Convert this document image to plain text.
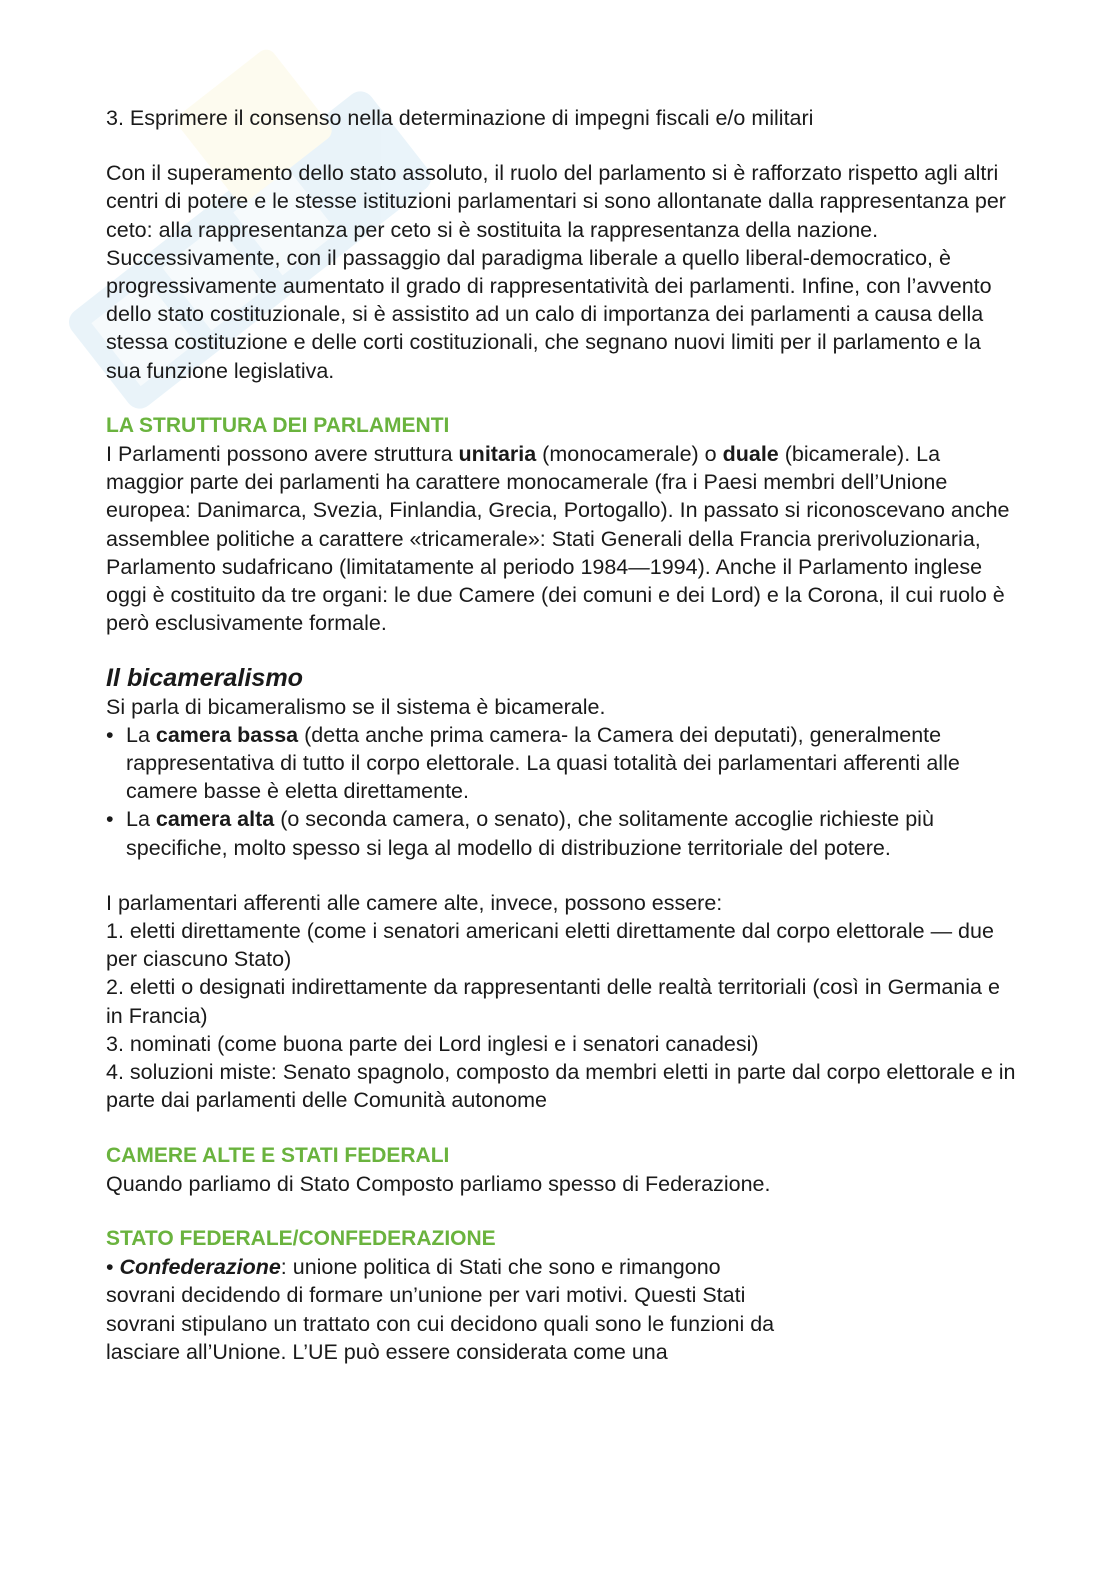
3. Esprimere il consenso nella determinazione di impegni fiscali e/o militari

Con il superamento dello stato assoluto, il ruolo del parlamento si è rafforzato rispetto agli altri centri di potere e le stesse istituzioni parlamentari si sono allontanate dalla rappresentanza per ceto: alla rappresentanza per ceto si è sostituita la rappresentanza della nazione. Successivamente, con il passaggio dal paradigma liberale a quello liberal-democratico, è progressivamente aumentato il grado di rappresentatività dei parlamenti. Infine, con l’avvento dello stato costituzionale, si è assistito ad un calo di importanza dei parlamenti a causa della stessa costituzione e delle corti costituzionali, che segnano nuovi limiti per il parlamento e la sua funzione legislativa.

LA STRUTTURA DEI PARLAMENTI

I Parlamenti possono avere struttura unitaria (monocamerale) o duale (bicamerale). La maggior parte dei parlamenti ha carattere monocamerale (fra i Paesi membri dell’Unione europea: Danimarca, Svezia, Finlandia, Grecia, Portogallo). In passato si riconoscevano anche assemblee politiche a carattere «tricamerale»: Stati Generali della Francia prerivoluzionaria, Parlamento sudafricano (limitatamente al periodo 1984—1994). Anche il Parlamento inglese oggi è costituito da tre organi: le due Camere (dei comuni e dei Lord) e la Corona, il cui ruolo è però esclusivamente formale.

Il bicameralismo

Si parla di bicameralismo se il sistema è bicamerale.

• La camera bassa (detta anche prima camera- la Camera dei deputati), generalmente rappresentativa di tutto il corpo elettorale. La quasi totalità dei parlamentari afferenti alle camere basse è eletta direttamente.
• La camera alta (o seconda camera, o senato), che solitamente accoglie richieste più specifiche, molto spesso si lega al modello di distribuzione territoriale del potere.

I parlamentari afferenti alle camere alte, invece, possono essere:

1. eletti direttamente (come i senatori americani eletti direttamente dal corpo elettorale — due per ciascuno Stato)

2. eletti o designati indirettamente da rappresentanti delle realtà territoriali (così in Germania e in Francia)

3. nominati (come buona parte dei Lord inglesi e i senatori canadesi)

4. soluzioni miste: Senato spagnolo, composto da membri eletti in parte dal corpo elettorale e in parte dai parlamenti delle Comunità autonome

CAMERE ALTE E STATI FEDERALI

Quando parliamo di Stato Composto parliamo spesso di Federazione.

STATO FEDERALE/CONFEDERAZIONE

• Confederazione: unione politica di Stati che sono e rimangono

sovrani decidendo di formare un’unione per vari motivi. Questi Stati

sovrani stipulano un trattato con cui decidono quali sono le funzioni da

lasciare all’Unione. L’UE può essere considerata come una
